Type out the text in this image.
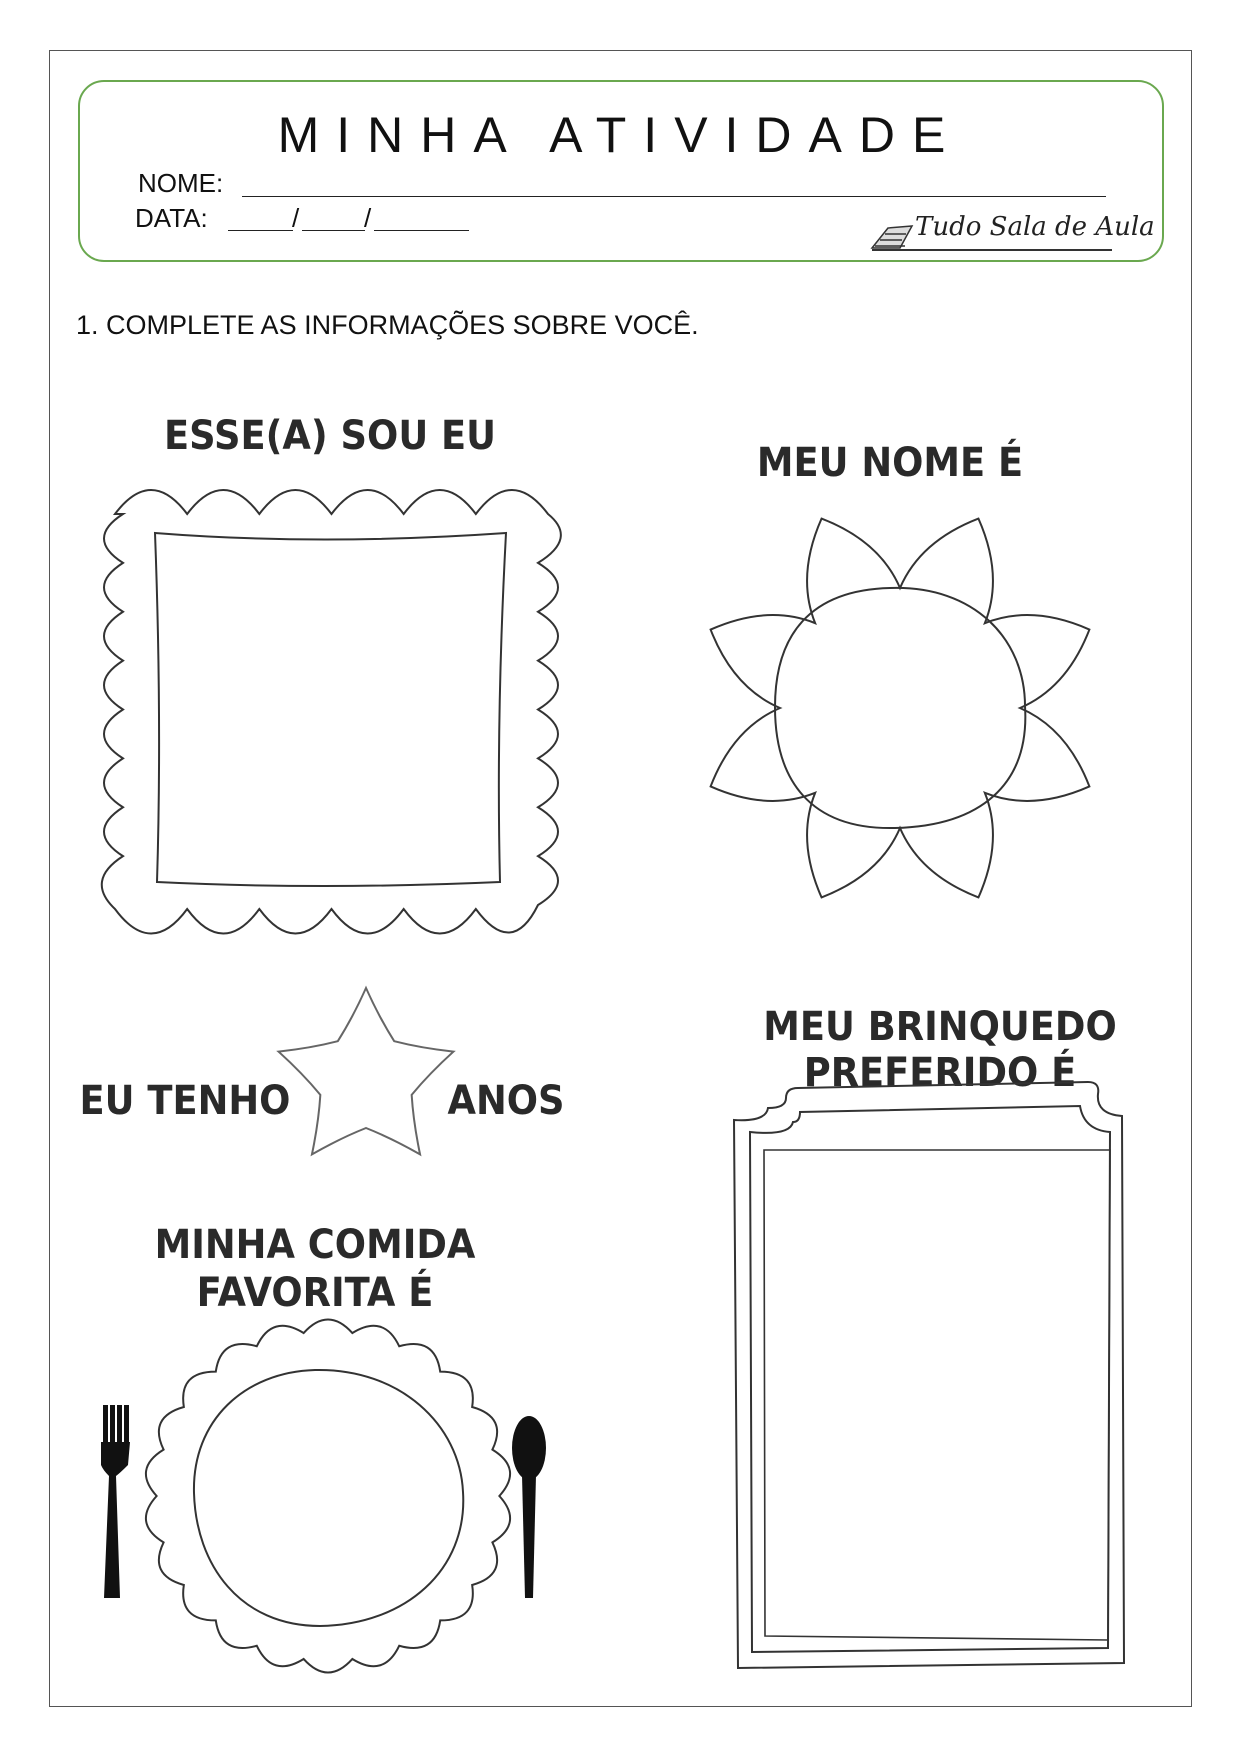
MINHA ATIVIDADE
NOME:
DATA:	/ /	Tudo Sala de Aula
1. COMPLETE AS INFORMAÇÕES SOBRE VOCÊ.
ESSE(A) SOU EU
MEU NOME É
EU TENHO	ANOS
MEU BRINQUEDO
PREFERIDO É
MINHA COMIDA
FAVORITA É
